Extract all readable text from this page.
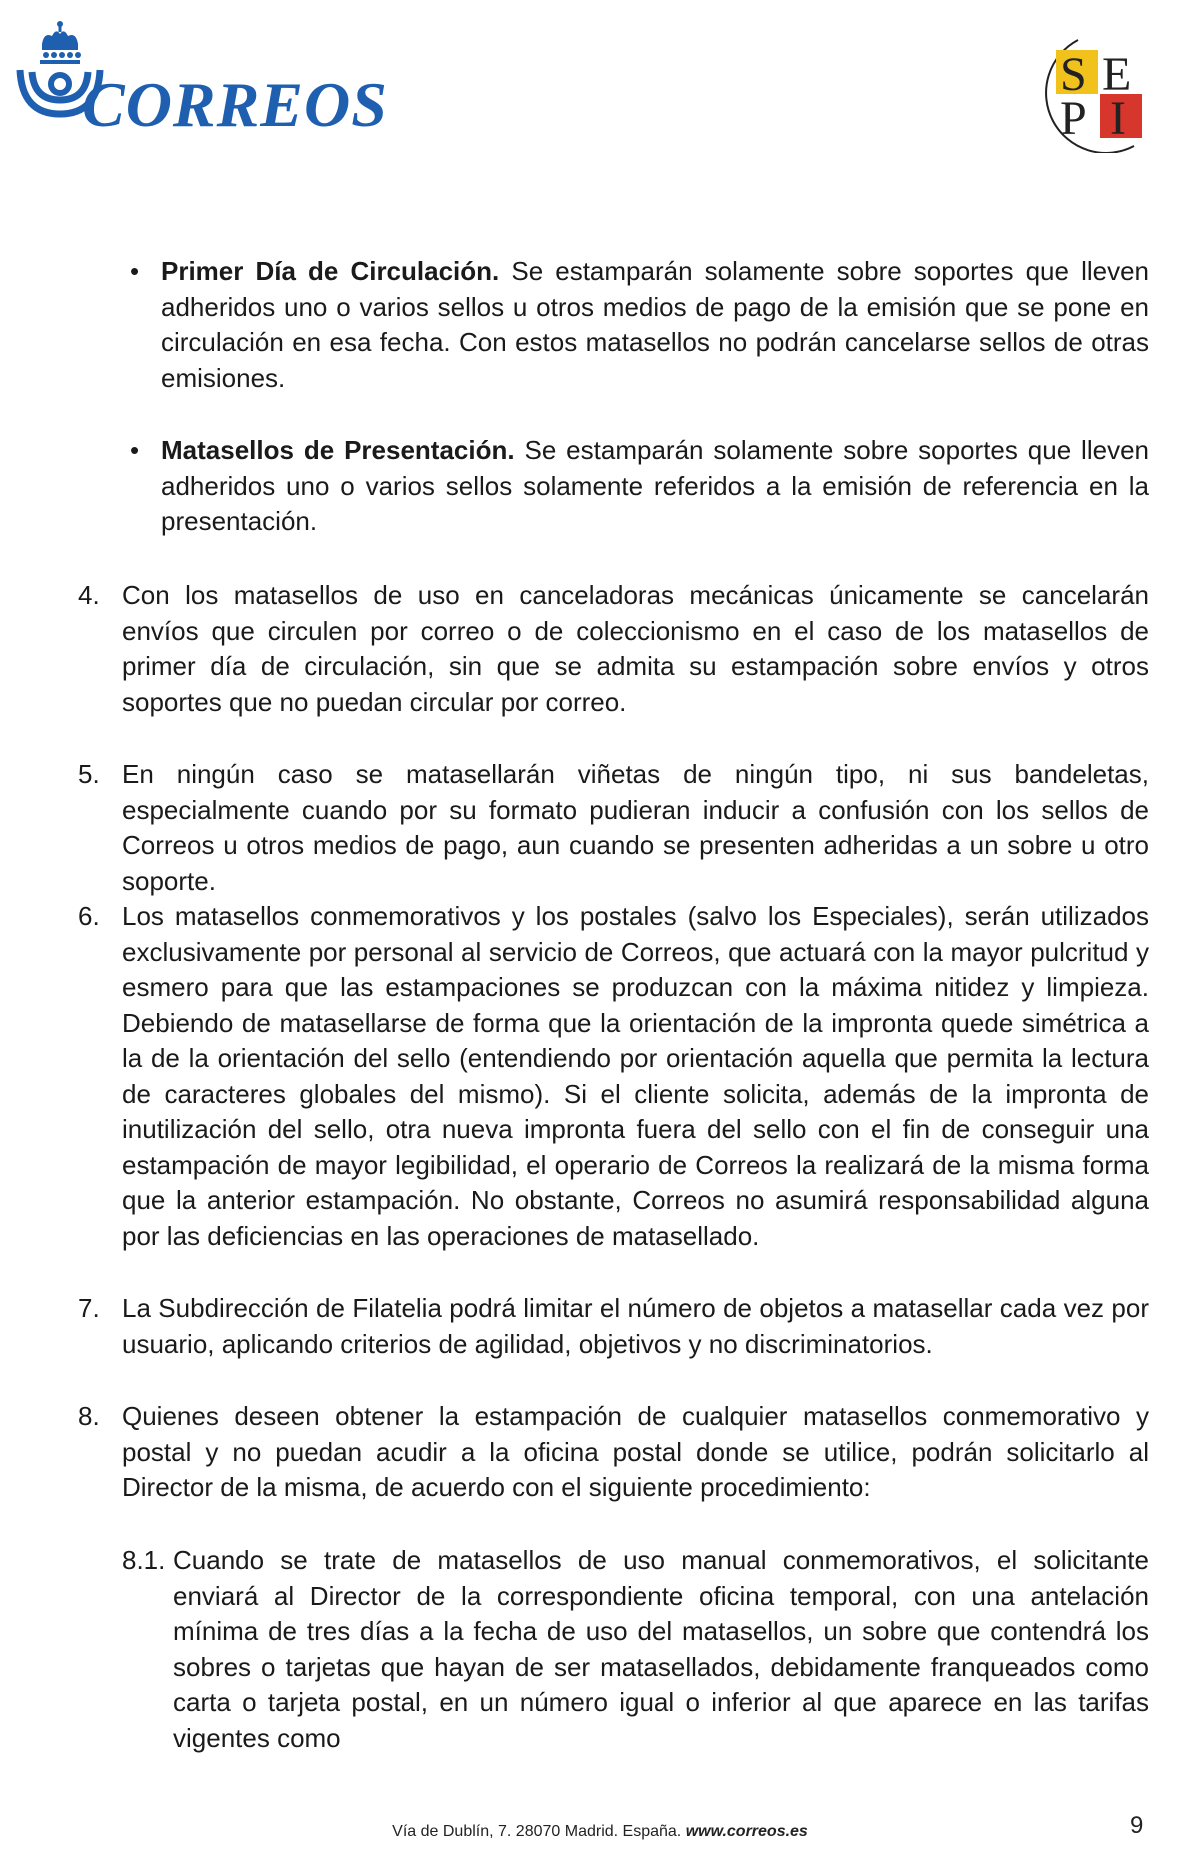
CORREOS	S E
P I
• Primer Día de Circulación. Se estamparán solamente sobre soportes que lleven adheridos uno o varios sellos u otros medios de pago de la emisión que se pone en circulación en esa fecha. Con estos matasellos no podrán cancelarse sellos de otras emisiones.
• Matasellos de Presentación. Se estamparán solamente sobre soportes que lleven adheridos uno o varios sellos solamente referidos a la emisión de referencia en la presentación.
4. Con los matasellos de uso en canceladoras mecánicas únicamente se cancelarán envíos que circulen por correo o de coleccionismo en el caso de los matasellos de primer día de circulación, sin que se admita su estampación sobre envíos y otros soportes que no puedan circular por correo.
5. En ningún caso se matasellarán viñetas de ningún tipo, ni sus bandeletas, especialmente cuando por su formato pudieran inducir a confusión con los sellos de Correos u otros medios de pago, aun cuando se presenten adheridas a un sobre u otro soporte.
6. Los matasellos conmemorativos y los postales (salvo los Especiales), serán utilizados exclusivamente por personal al servicio de Correos, que actuará con la mayor pulcritud y esmero para que las estampaciones se produzcan con la máxima nitidez y limpieza. Debiendo de matasellarse de forma que la orientación de la impronta quede simétrica a la de la orientación del sello (entendiendo por orientación aquella que permita la lectura de caracteres globales del mismo). Si el cliente solicita, además de la impronta de inutilización del sello, otra nueva impronta fuera del sello con el fin de conseguir una estampación de mayor legibilidad, el operario de Correos la realizará de la misma forma que la anterior estampación. No obstante, Correos no asumirá responsabilidad alguna por las deficiencias en las operaciones de matasellado.
7. La Subdirección de Filatelia podrá limitar el número de objetos a matasellar cada vez por usuario, aplicando criterios de agilidad, objetivos y no discriminatorios.
8. Quienes deseen obtener la estampación de cualquier matasellos conmemorativo y postal y no puedan acudir a la oficina postal donde se utilice, podrán solicitarlo al Director de la misma, de acuerdo con el siguiente procedimiento:
8.1. Cuando se trate de matasellos de uso manual conmemorativos, el solicitante enviará al Director de la correspondiente oficina temporal, con una antelación mínima de tres días a la fecha de uso del matasellos, un sobre que contendrá los sobres o tarjetas que hayan de ser matasellados, debidamente franqueados como carta o tarjeta postal, en un número igual o inferior al que aparece en las tarifas vigentes como
Vía de Dublín, 7. 28070 Madrid. España. www.correos.es	9
